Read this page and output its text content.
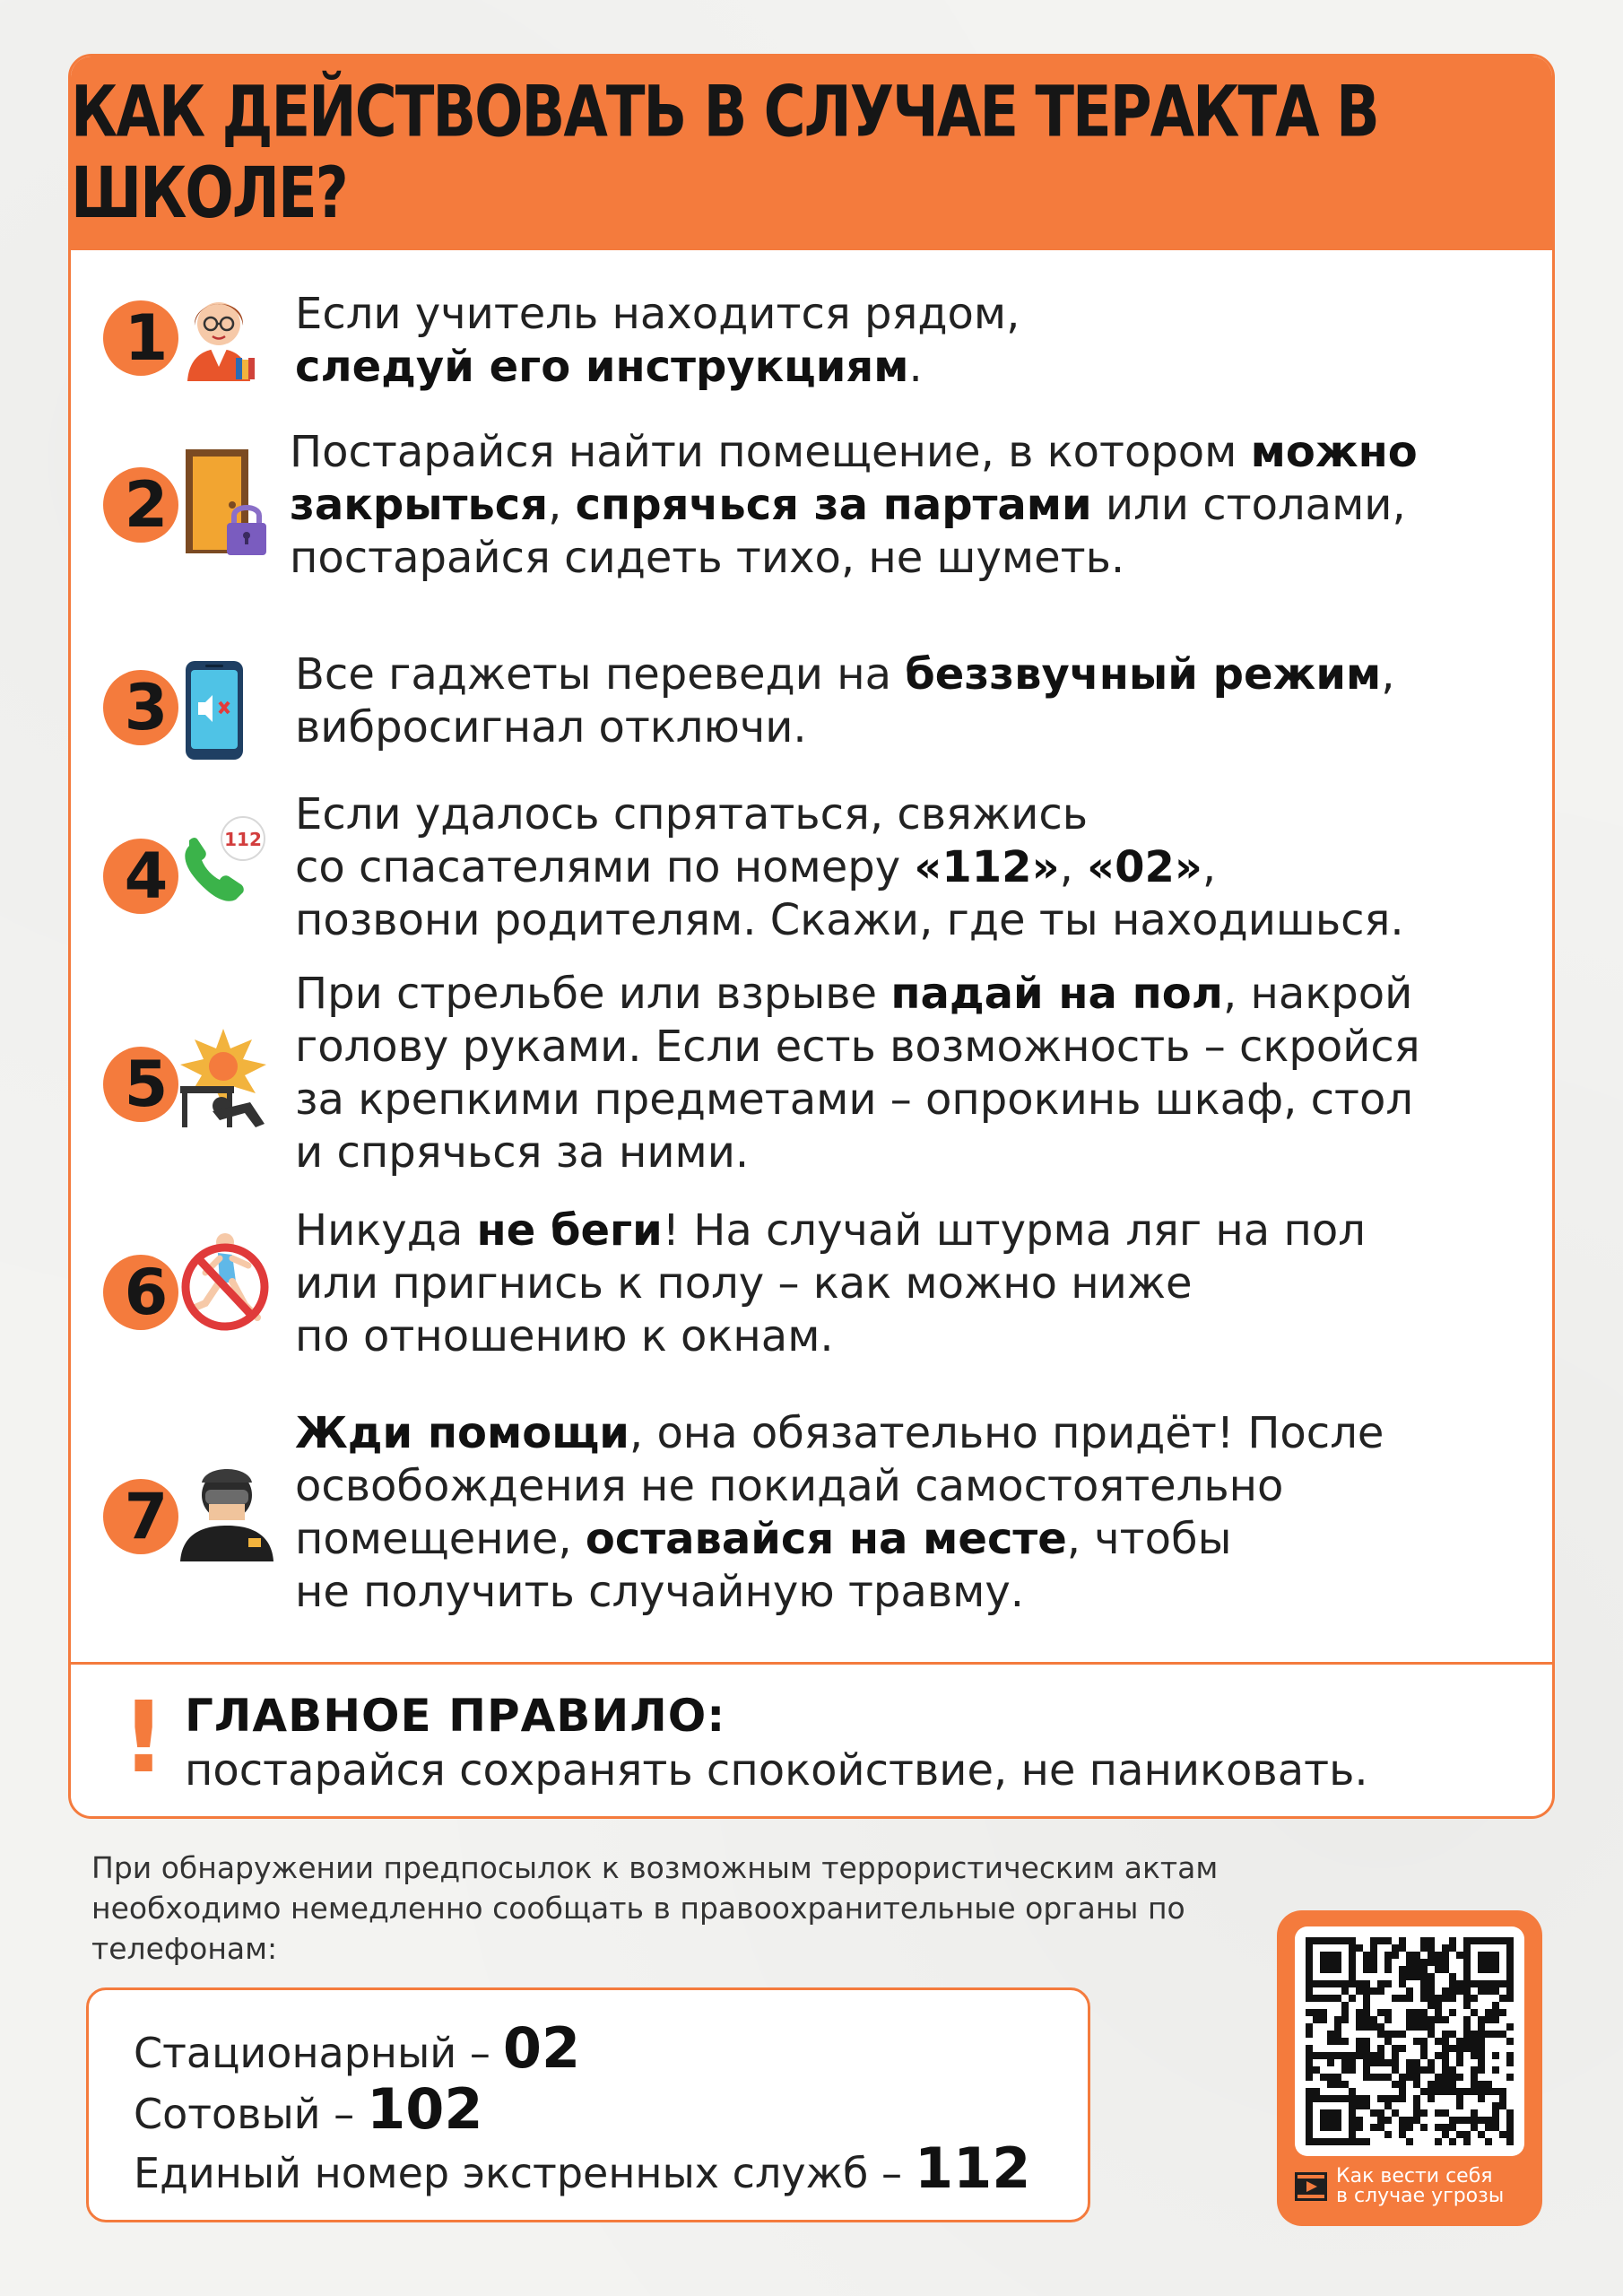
КАК ДЕЙСТВОВАТЬ В СЛУЧАЕ ТЕРАКТА В ШКОЛЕ?
1	Если учитель находится рядом,
следуй его инструкциям.
2
Постарайся найти помещение, в котором можно
закрыться, спрячься за партами или столами,
постарайся сидеть тихо, не шуметь.
3	Все гаджеты переведи на беззвучный режим,
вибросигнал отключи.
4	112 Если удалось спрятаться, свяжись
со спасателями по номеру «112», «02»,
позвони родителям. Скажи, где ты находишься.
5
При стрельбе или взрыве падай на пол, накрой
голову руками. Если есть возможность – скройся
за крепкими предметами – опрокинь шкаф, стол
и спрячься за ними.
6
Никуда не беги! На случай штурма ляг на пол
или пригнись к полу – как можно ниже
по отношению к окнам.
7
Жди помощи, она обязательно придёт! После
освобождения не покидай самостоятельно
помещение, оставайся на месте, чтобы
не получить случайную травму.
! ГЛАВНОЕ ПРАВИЛО:
постарайся сохранять спокойствие, не паниковать.
При обнаружении предпосылок к возможным террористическим актам необходимо немедленно сообщать в правоохранительные органы по телефонам:
Стационарный – 02
Сотовый – 102
Единый номер экстренных служб – 112	Как вести себя
в случае угрозы
